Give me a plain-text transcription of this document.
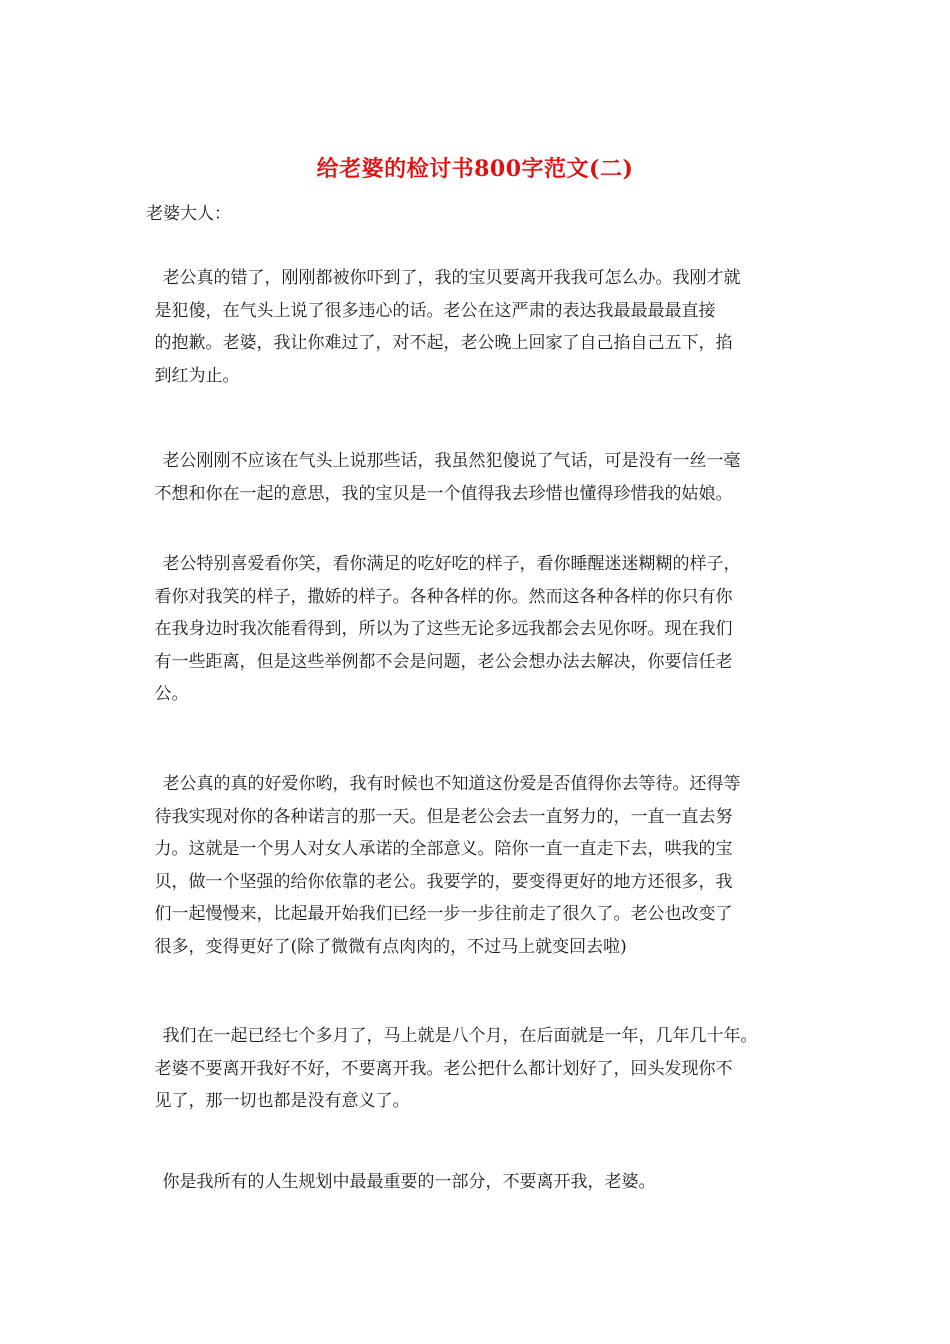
给老婆的检讨书800字范文(二)

老婆大人：

老公真的错了，刚刚都被你吓到了，我的宝贝要离开我我可怎么办。我刚才就
是犯傻，在气头上说了很多违心的话。老公在这严肃的表达我最最最最直接
的抱歉。老婆，我让你难过了，对不起，老公晚上回家了自己掐自己五下，掐
到红为止。
老公刚刚不应该在气头上说那些话，我虽然犯傻说了气话，可是没有一丝一毫
不想和你在一起的意思，我的宝贝是一个值得我去珍惜也懂得珍惜我的姑娘。
老公特别喜爱看你笑，看你满足的吃好吃的样子，看你睡醒迷迷糊糊的样子，
看你对我笑的样子，撒娇的样子。各种各样的你。然而这各种各样的你只有你
在我身边时我次能看得到，所以为了这些无论多远我都会去见你呀。现在我们
有一些距离，但是这些举例都不会是问题，老公会想办法去解决，你要信任老
公。
老公真的真的好爱你哟，我有时候也不知道这份爱是否值得你去等待。还得等
待我实现对你的各种诺言的那一天。但是老公会去一直努力的，一直一直去努
力。这就是一个男人对女人承诺的全部意义。陪你一直一直走下去，哄我的宝
贝，做一个坚强的给你依靠的老公。我要学的，要变得更好的地方还很多，我
们一起慢慢来，比起最开始我们已经一步一步往前走了很久了。老公也改变了
很多，变得更好了(除了微微有点肉肉的，不过马上就变回去啦)
我们在一起已经七个多月了，马上就是八个月，在后面就是一年，几年几十年。
老婆不要离开我好不好，不要离开我。老公把什么都计划好了，回头发现你不
见了，那一切也都是没有意义了。
你是我所有的人生规划中最最重要的一部分，不要离开我，老婆。
